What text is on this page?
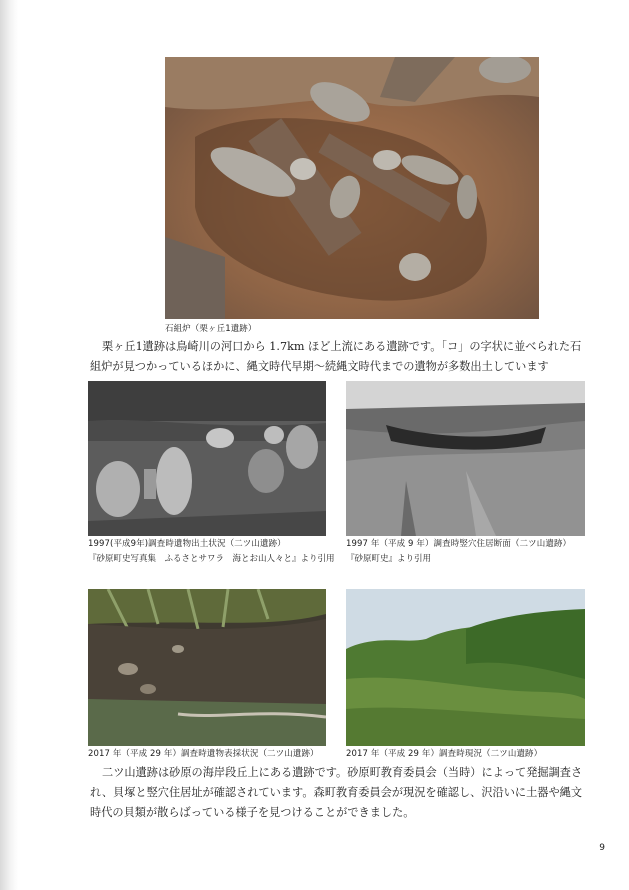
石組炉（栗ヶ丘1遺跡）

栗ヶ丘1遺跡は鳥崎川の河口から 1.7km ほど上流にある遺跡です。「コ」の字状に並べられた石組炉が見つかっているほかに、縄文時代早期～続縄文時代までの遺物が多数出土しています

1997(平成9年)調査時遺物出土状況（二ツ山遺跡）
『砂原町史写真集　ふるさとサワラ　海とお山人々と』より引用
1997 年（平成 9 年）調査時竪穴住居断面（二ツ山遺跡）
『砂原町史』より引用
2017 年（平成 29 年）調査時遺物表採状況（二ツ山遺跡）	2017 年（平成 29 年）調査時現況（二ツ山遺跡）

二ツ山遺跡は砂原の海岸段丘上にある遺跡です。砂原町教育委員会（当時）によって発掘調査され、貝塚と竪穴住居址が確認されています。森町教育委員会が現況を確認し、沢沿いに土器や縄文時代の貝類が散らばっている様子を見つけることができました。

9
